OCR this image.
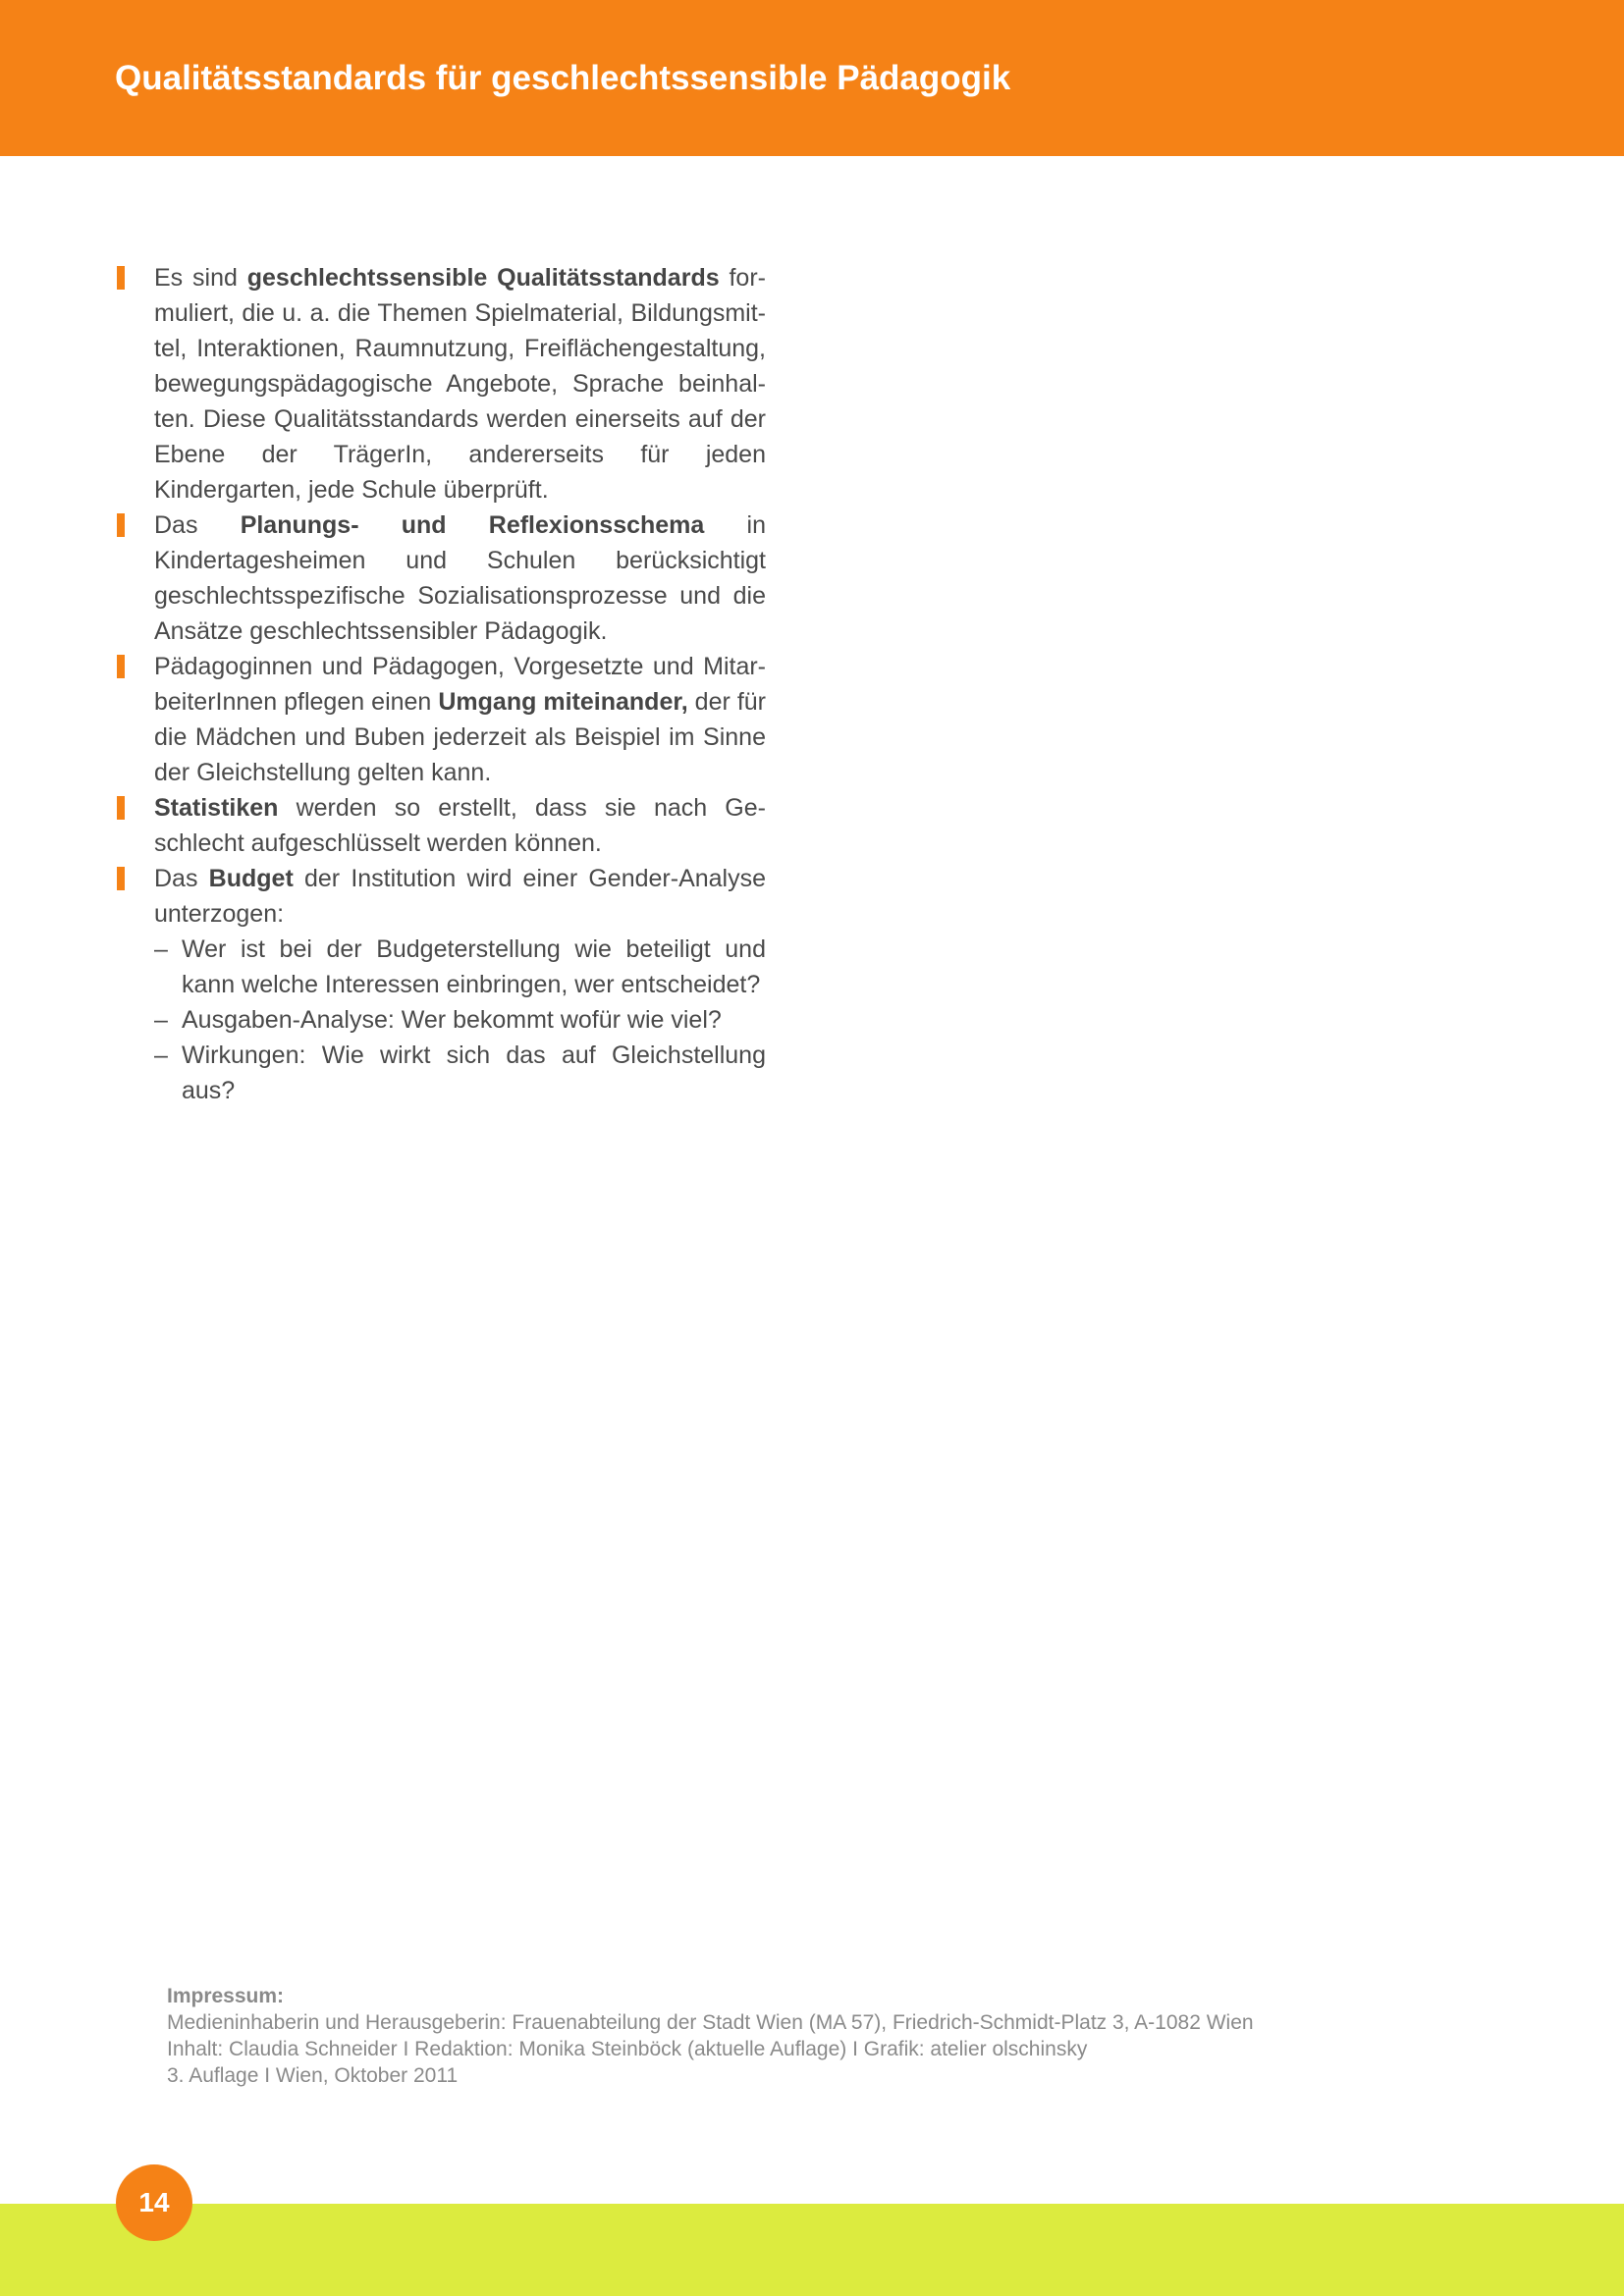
Qualitätsstandards für geschlechtssensible Pädagogik
Es sind geschlechtssensible Qualitätsstandards formuliert, die u. a. die Themen Spielmaterial, Bildungsmittel, Interaktionen, Raumnutzung, Freiflächengestaltung, bewegungspädagogische Angebote, Sprache beinhalten. Diese Qualitätsstandards werden einerseits auf der Ebene der TrägerIn, andererseits für jeden Kindergarten, jede Schule überprüft.
Das Planungs- und Reflexionsschema in Kindertagesheimen und Schulen berücksichtigt geschlechtsspezifische Sozialisationsprozesse und die Ansätze geschlechtssensibler Pädagogik.
Pädagoginnen und Pädagogen, Vorgesetzte und MitarbeiterInnen pflegen einen Umgang miteinander, der für die Mädchen und Buben jederzeit als Beispiel im Sinne der Gleichstellung gelten kann.
Statistiken werden so erstellt, dass sie nach Geschlecht aufgeschlüsselt werden können.
Das Budget der Institution wird einer Gender-Analyse unterzogen:
– Wer ist bei der Budgeterstellung wie beteiligt und kann welche Interessen einbringen, wer entscheidet?
– Ausgaben-Analyse: Wer bekommt wofür wie viel?
– Wirkungen: Wie wirkt sich das auf Gleichstellung aus?
Impressum:
Medieninhaberin und Herausgeberin: Frauenabteilung der Stadt Wien (MA 57), Friedrich-Schmidt-Platz 3, A-1082 Wien
Inhalt: Claudia Schneider I Redaktion: Monika Steinböck (aktuelle Auflage) I Grafik: atelier olschinsky
3. Auflage I Wien, Oktober 2011
14
